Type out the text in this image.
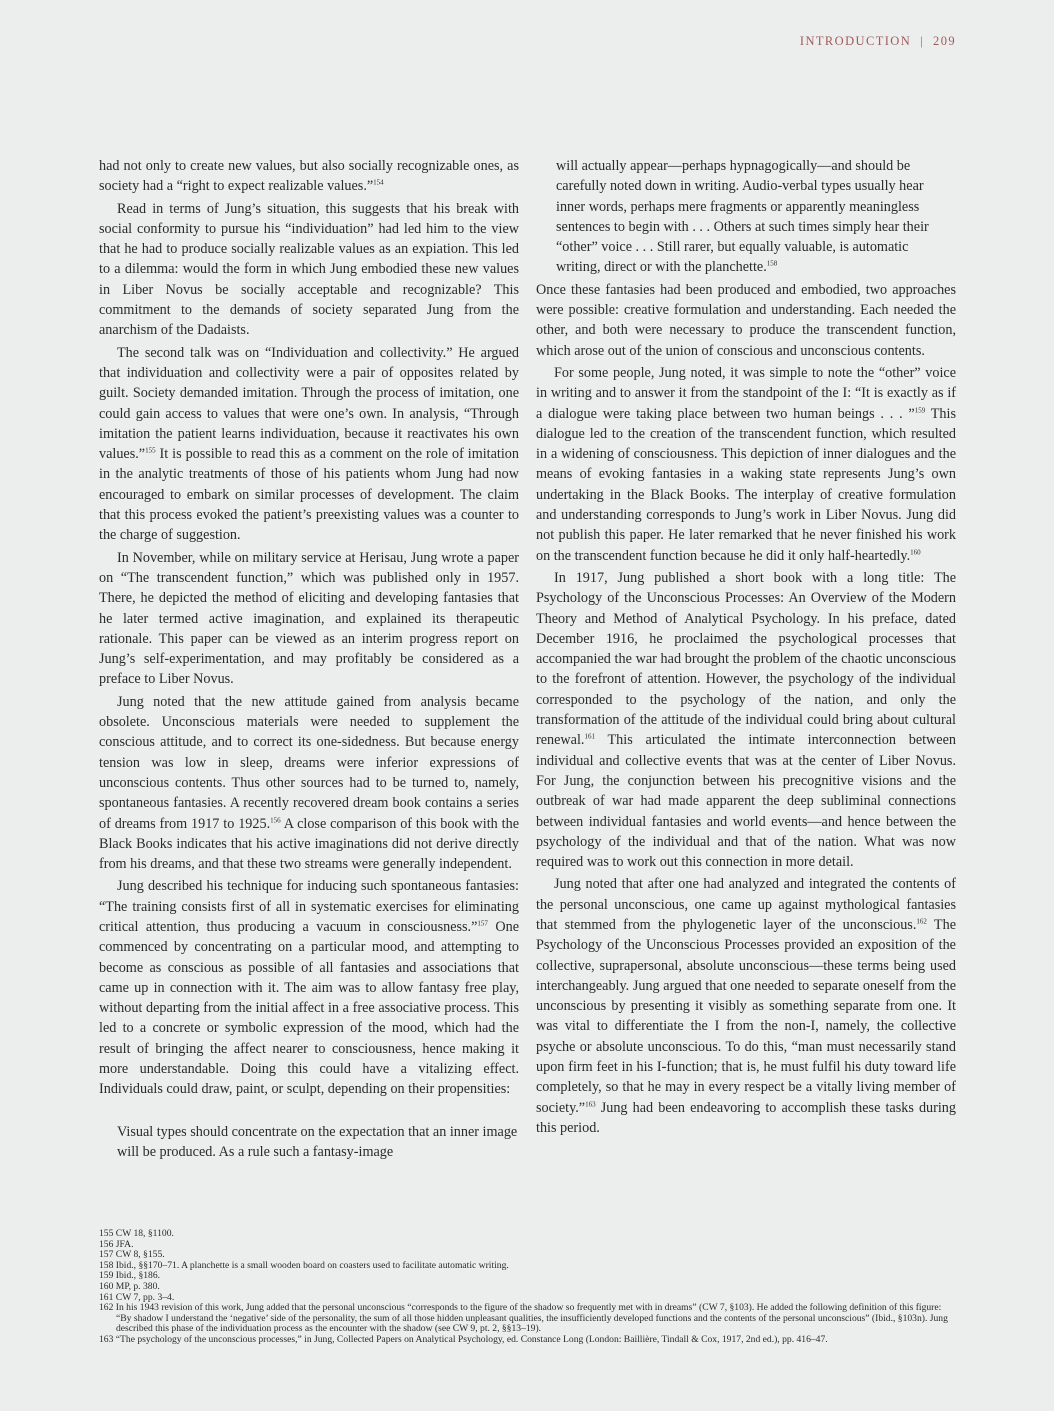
INTRODUCTION | 209

had not only to create new values, but also socially recognizable ones, as society had a “right to expect realizable values.”$^{154}$

Read in terms of Jung’s situation, this suggests that his break with social conformity to pursue his “individuation” had led him to the view that he had to produce socially realizable values as an expiation. This led to a dilemma: would the form in which Jung embodied these new values in Liber Novus be socially acceptable and recognizable? This commitment to the demands of society separated Jung from the anarchism of the Dadaists.

The second talk was on “Individuation and collectivity.” He argued that individuation and collectivity were a pair of opposites related by guilt. Society demanded imitation. Through the process of imitation, one could gain access to values that were one’s own. In analysis, “Through imitation the patient learns individuation, because it reactivates his own values.”$^{155}$ It is possible to read this as a comment on the role of imitation in the analytic treatments of those of his patients whom Jung had now encouraged to embark on similar processes of development. The claim that this process evoked the patient’s preexisting values was a counter to the charge of suggestion.

In November, while on military service at Herisau, Jung wrote a paper on “The transcendent function,” which was published only in 1957. There, he depicted the method of eliciting and developing fantasies that he later termed active imagination, and explained its therapeutic rationale. This paper can be viewed as an interim progress report on Jung’s self-experimentation, and may profitably be considered as a preface to Liber Novus.

Jung noted that the new attitude gained from analysis became obsolete. Unconscious materials were needed to supplement the conscious attitude, and to correct its one-sidedness. But because energy tension was low in sleep, dreams were inferior expressions of unconscious contents. Thus other sources had to be turned to, namely, spontaneous fantasies. A recently recovered dream book contains a series of dreams from 1917 to 1925.$^{156}$ A close comparison of this book with the Black Books indicates that his active imaginations did not derive directly from his dreams, and that these two streams were generally independent.

Jung described his technique for inducing such spontaneous fantasies: “The training consists first of all in systematic exercises for eliminating critical attention, thus producing a vacuum in consciousness.”$^{157}$ One commenced by concentrating on a particular mood, and attempting to become as conscious as possible of all fantasies and associations that came up in connection with it. The aim was to allow fantasy free play, without departing from the initial affect in a free associative process. This led to a concrete or symbolic expression of the mood, which had the result of bringing the affect nearer to consciousness, hence making it more understandable. Doing this could have a vitalizing effect. Individuals could draw, paint, or sculpt, depending on their propensities:

Visual types should concentrate on the expectation that an inner image will be produced. As a rule such a fantasy-image

will actually appear—perhaps hypnagogically—and should be carefully noted down in writing. Audio-verbal types usually hear inner words, perhaps mere fragments or apparently meaningless sentences to begin with . . . Others at such times simply hear their “other” voice . . . Still rarer, but equally valuable, is automatic writing, direct or with the planchette.$^{158}$

Once these fantasies had been produced and embodied, two approaches were possible: creative formulation and understanding. Each needed the other, and both were necessary to produce the transcendent function, which arose out of the union of conscious and unconscious contents.

For some people, Jung noted, it was simple to note the “other” voice in writing and to answer it from the standpoint of the I: “It is exactly as if a dialogue were taking place between two human beings . . . ”$^{159}$ This dialogue led to the creation of the transcendent function, which resulted in a widening of consciousness. This depiction of inner dialogues and the means of evoking fantasies in a waking state represents Jung’s own undertaking in the Black Books. The interplay of creative formulation and understanding corresponds to Jung’s work in Liber Novus. Jung did not publish this paper. He later remarked that he never finished his work on the transcendent function because he did it only half-heartedly.$^{160}$

In 1917, Jung published a short book with a long title: The Psychology of the Unconscious Processes: An Overview of the Modern Theory and Method of Analytical Psychology. In his preface, dated December 1916, he proclaimed the psychological processes that accompanied the war had brought the problem of the chaotic unconscious to the forefront of attention. However, the psychology of the individual corresponded to the psychology of the nation, and only the transformation of the attitude of the individual could bring about cultural renewal.$^{161}$ This articulated the intimate interconnection between individual and collective events that was at the center of Liber Novus. For Jung, the conjunction between his precognitive visions and the outbreak of war had made apparent the deep subliminal connections between individual fantasies and world events—and hence between the psychology of the individual and that of the nation. What was now required was to work out this connection in more detail.

Jung noted that after one had analyzed and integrated the contents of the personal unconscious, one came up against mythological fantasies that stemmed from the phylogenetic layer of the unconscious.$^{162}$ The Psychology of the Unconscious Processes provided an exposition of the collective, suprapersonal, absolute unconscious—these terms being used interchangeably. Jung argued that one needed to separate oneself from the unconscious by presenting it visibly as something separate from one. It was vital to differentiate the I from the non-I, namely, the collective psyche or absolute unconscious. To do this, “man must necessarily stand upon firm feet in his I-function; that is, he must fulfil his duty toward life completely, so that he may in every respect be a vitally living member of society.”$^{163}$ Jung had been endeavoring to accomplish these tasks during this period.

155 CW 18, §1100.

156 JFA.

157 CW 8, §155.

158 Ibid., §§170–71. A planchette is a small wooden board on coasters used to facilitate automatic writing.

159 Ibid., §186.

160 MP, p. 380.

161 CW 7, pp. 3–4.

162 In his 1943 revision of this work, Jung added that the personal unconscious “corresponds to the figure of the shadow so frequently met with in dreams” (CW 7, §103). He added the following definition of this figure: “By shadow I understand the ‘negative’ side of the personality, the sum of all those hidden unpleasant qualities, the insufficiently developed functions and the contents of the personal unconscious” (Ibid., §103n). Jung described this phase of the individuation process as the encounter with the shadow (see CW 9, pt. 2, §§13–19).

163 “The psychology of the unconscious processes,” in Jung, Collected Papers on Analytical Psychology, ed. Constance Long (London: Baillière, Tindall & Cox, 1917, 2nd ed.), pp. 416–47.
